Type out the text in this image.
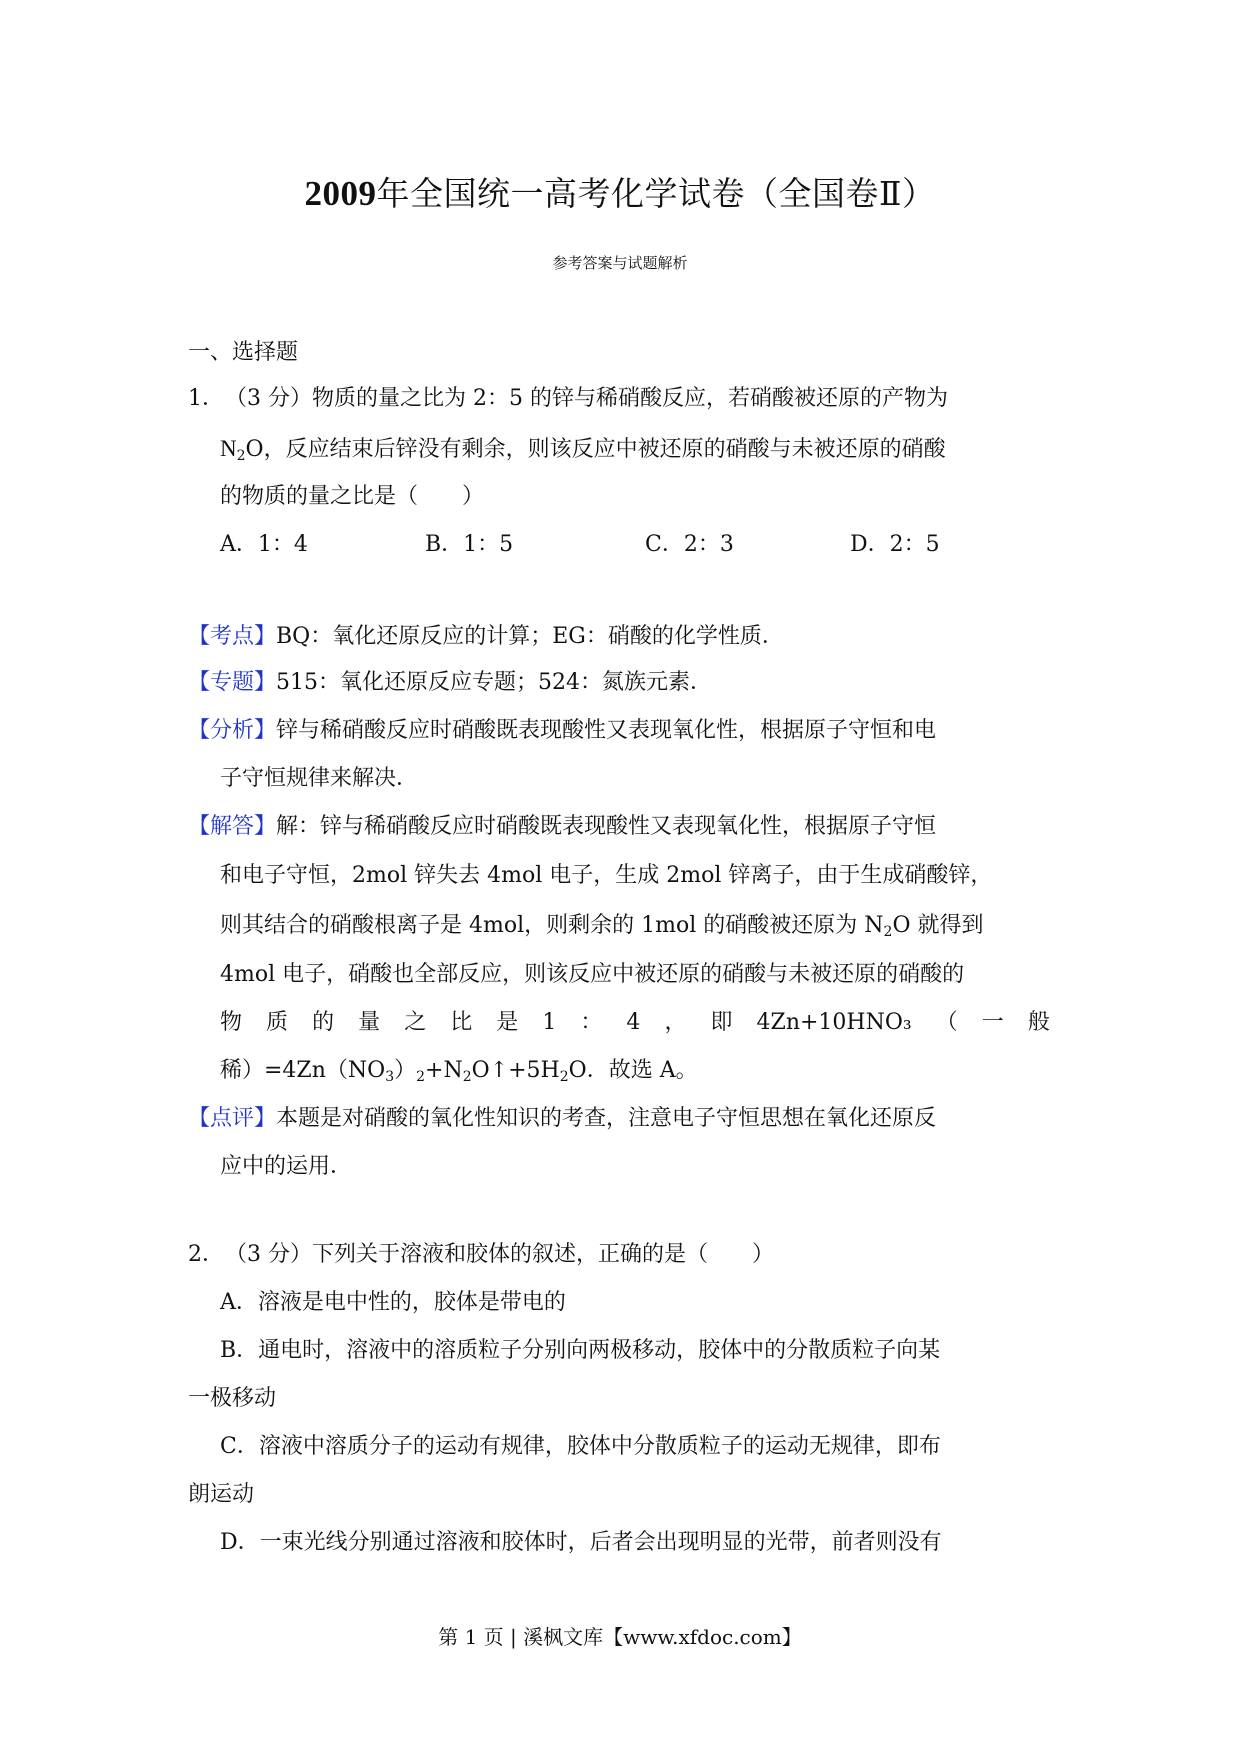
2009年全国统一高考化学试卷（全国卷Ⅱ）
参考答案与试题解析
一、选择题
1． （3 分）物质的量之比为 2：5 的锌与稀硝酸反应，若硝酸被还原的产物为
$N_2O$，反应结束后锌没有剩余，则该反应中被还原的硝酸与未被还原的硝酸
的物质的量之比是（　　）
A．1：4	B．1：5	C．2：3	D．2：5
【考点】BQ：氧化还原反应的计算；EG：硝酸的化学性质．
【专题】515：氧化还原反应专题；524：氮族元素．
【分析】锌与稀硝酸反应时硝酸既表现酸性又表现氧化性，根据原子守恒和电
子守恒规律来解决．
【解答】解：锌与稀硝酸反应时硝酸既表现酸性又表现氧化性，根据原子守恒
和电子守恒，2mol 锌失去 4mol 电子，生成 2mol 锌离子，由于生成硝酸锌，
则其结合的硝酸根离子是 4mol，则剩余的 1mol 的硝酸被还原为 $N_2O$ 就得到
4mol 电子，硝酸也全部反应，则该反应中被还原的硝酸与未被还原的硝酸的
物 质 的 量 之 比 是 1 ： 4 ， 即 4Zn+10HNO₃ （ 一 般
稀）$=4Zn(NO_3)_2+N_2O↑+5H_2O$．故选 A。
【点评】本题是对硝酸的氧化性知识的考查，注意电子守恒思想在氧化还原反
应中的运用．
2． （3 分）下列关于溶液和胶体的叙述，正确的是（　　）
A．溶液是电中性的，胶体是带电的
B．通电时，溶液中的溶质粒子分别向两极移动，胶体中的分散质粒子向某
一极移动
C．溶液中溶质分子的运动有规律，胶体中分散质粒子的运动无规律，即布
朗运动
D．一束光线分别通过溶液和胶体时，后者会出现明显的光带，前者则没有
第 1 页 | 溪枫文库【www.xfdoc.com】
